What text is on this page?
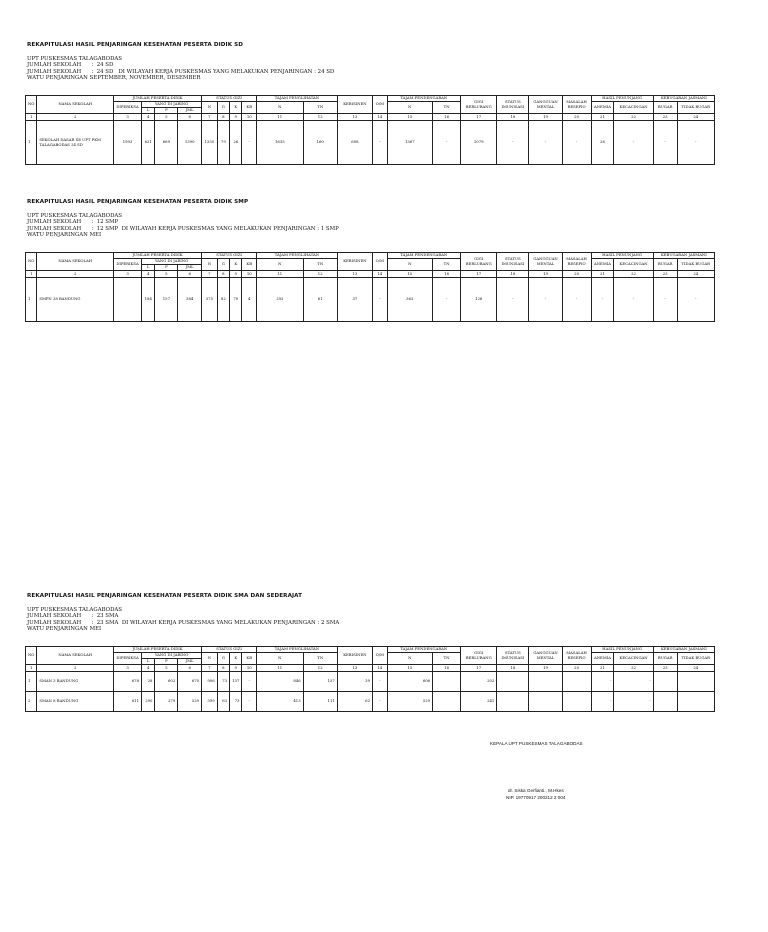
REKAPITULASI HASIL PENJARINGAN KESEHATAN PESERTA DIDIK SD
UPT PUSKESMAS TALAGABODAS
JUMLAH SEKOLAH      :  24 SD
JUMLAH SEKOLAH      :  24 SD   DI WILAYAH KERJA PUSKESMAS YANG MELAKUKAN PENJARINGAN : 24 SD
WATU PENJARINGAN SEPTEMBER, NOVEMBER, DESEMBER
NO	NAMA SEKOLAH	JUMLAH PESERTA DIDIK				STATUS GIZI				TAJAM PENGLIHATAN		KEBISINEN	O/M	TAJAM PENDENGARAN		GIGI BERLUBANG	STATUS IMUNISASI	GANGGUAN MENTAL	MASALAH RESEPIO	HASIL PENUNJANG		KEBUGARAN JASMANI	
		DIPERIKSA	YANG DI JARING			N	G	K	KB	N	TN			N	TN					ANEMIA	KECACINGAN	BUGAR	TIDAK BUGAR
			L	P	JML																		
1	2	3	4	5	6	7	8	9	10	11	12	13	14	15	16	17	18	19	20	21	22	23	24
1	SEKOLAH DASAR SE UPT PKM TALAGABODAS 24 SD	1993	621	669	1390	1335	79	26	-	1635	160	608	-	1367	-	1079	-	-	-	26	-	-	-
REKAPITULASI HASIL PENJARINGAN KESEHATAN PESERTA DIDIK SMP
UPT PUSKESMAS TALAGABODAS
JUMLAH SEKOLAH      :  12 SMP
JUMLAH SEKOLAH      :  12 SMP  DI WILAYAH KERJA PUSKESMAS YANG MELAKUKAN PENJARINGAN : 1 SMP
WATU PENJARINGAN MEI
NO	NAMA SEKOLAH	JUMLAH PESERTA DIDIK				STATUS GIZI				TAJAM PENGLIHATAN		KEBISINEN	O/M	TAJAM PENDENGARAN		GIGI BERLUBANG	STATUS IMUNISASI	GANGGUAN MENTAL	MASALAH RESEPIO	HASIL PENUNJANG		KEBUGARAN JASMANI	
		DIPERIKSA	YANG DI JARING			N	G	K	KB	N	TN			N	TN					ANEMIA	KECACINGAN	BUGAR	TIDAK BUGAR
			L	P	JML																		
1	2	3	4	5	6	7	8	9	10	11	12	13	14	15	16	17	18	19	20	21	22	23	24
1	SMPN 28 BANDUNG		184	157	384	375	82	70	4	292	61	37	-	362	-	126	-	-	-	-	-	-	-
REKAPITULASI HASIL PENJARINGAN KESEHATAN PESERTA DIDIK SMA DAN SEDERAJAT
UPT PUSKESMAS TALAGABODAS
JUMLAH SEKOLAH      :  23 SMA
JUMLAH SEKOLAH      :  23 SMA  DI WILAYAH KERJA PUSKESMAS YANG MELAKUKAN PENJARINGAN : 2 SMA
WATU PENJARINGAN MEI
NO	NAMA SEKOLAH	JUMLAH PESERTA DIDIK				STATUS GIZI				TAJAM PENGLIHATAN		KEBISINEN	O/M	TAJAM PENDENGARAN		GIGI BERLUBANG	STATUS IMUNISASI	GANGGUAN MENTAL	MASALAH RESEPIO	HASIL PENUNJANG		KEBUGARAN JASMANI	
		DIPERIKSA	YANG DI JARING			N	G	K	KB	N	TN			N	TN					ANEMIA	KECACINGAN	BUGAR	TIDAK BUGAR
			L	P	JML																		
1	2	3	4	5	6	7	8	9	10	11	12	13	14	15	16	17	18	19	20	21	22	23	24
1	SMAN 3 BANDUNG	678	28	602	670	906	73	137	-	846	157	39	-	606		202				-	-		
2	SMAN 8 BANDUNG	611	290	279	529	399	63	73	-	413	111	62	-	529		241				-	-		
KEPALA UPT PUSKESMAS TALAGABODAS
dr. Siska Gerfianti., M.Hkes
NIP. 19770917 200212 2 004
